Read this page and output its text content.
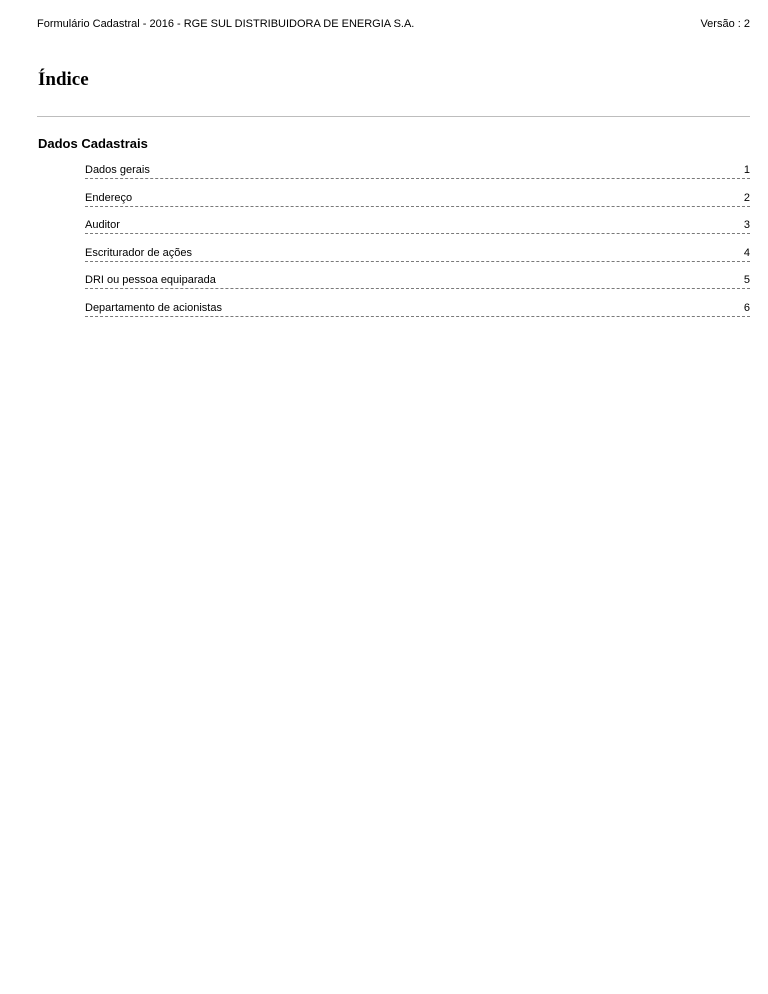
Formulário Cadastral - 2016 - RGE SUL DISTRIBUIDORA DE ENERGIA S.A.	Versão : 2
Índice
Dados Cadastrais
Dados gerais	1
Endereço	2
Auditor	3
Escriturador de ações	4
DRI ou pessoa equiparada	5
Departamento de acionistas	6
